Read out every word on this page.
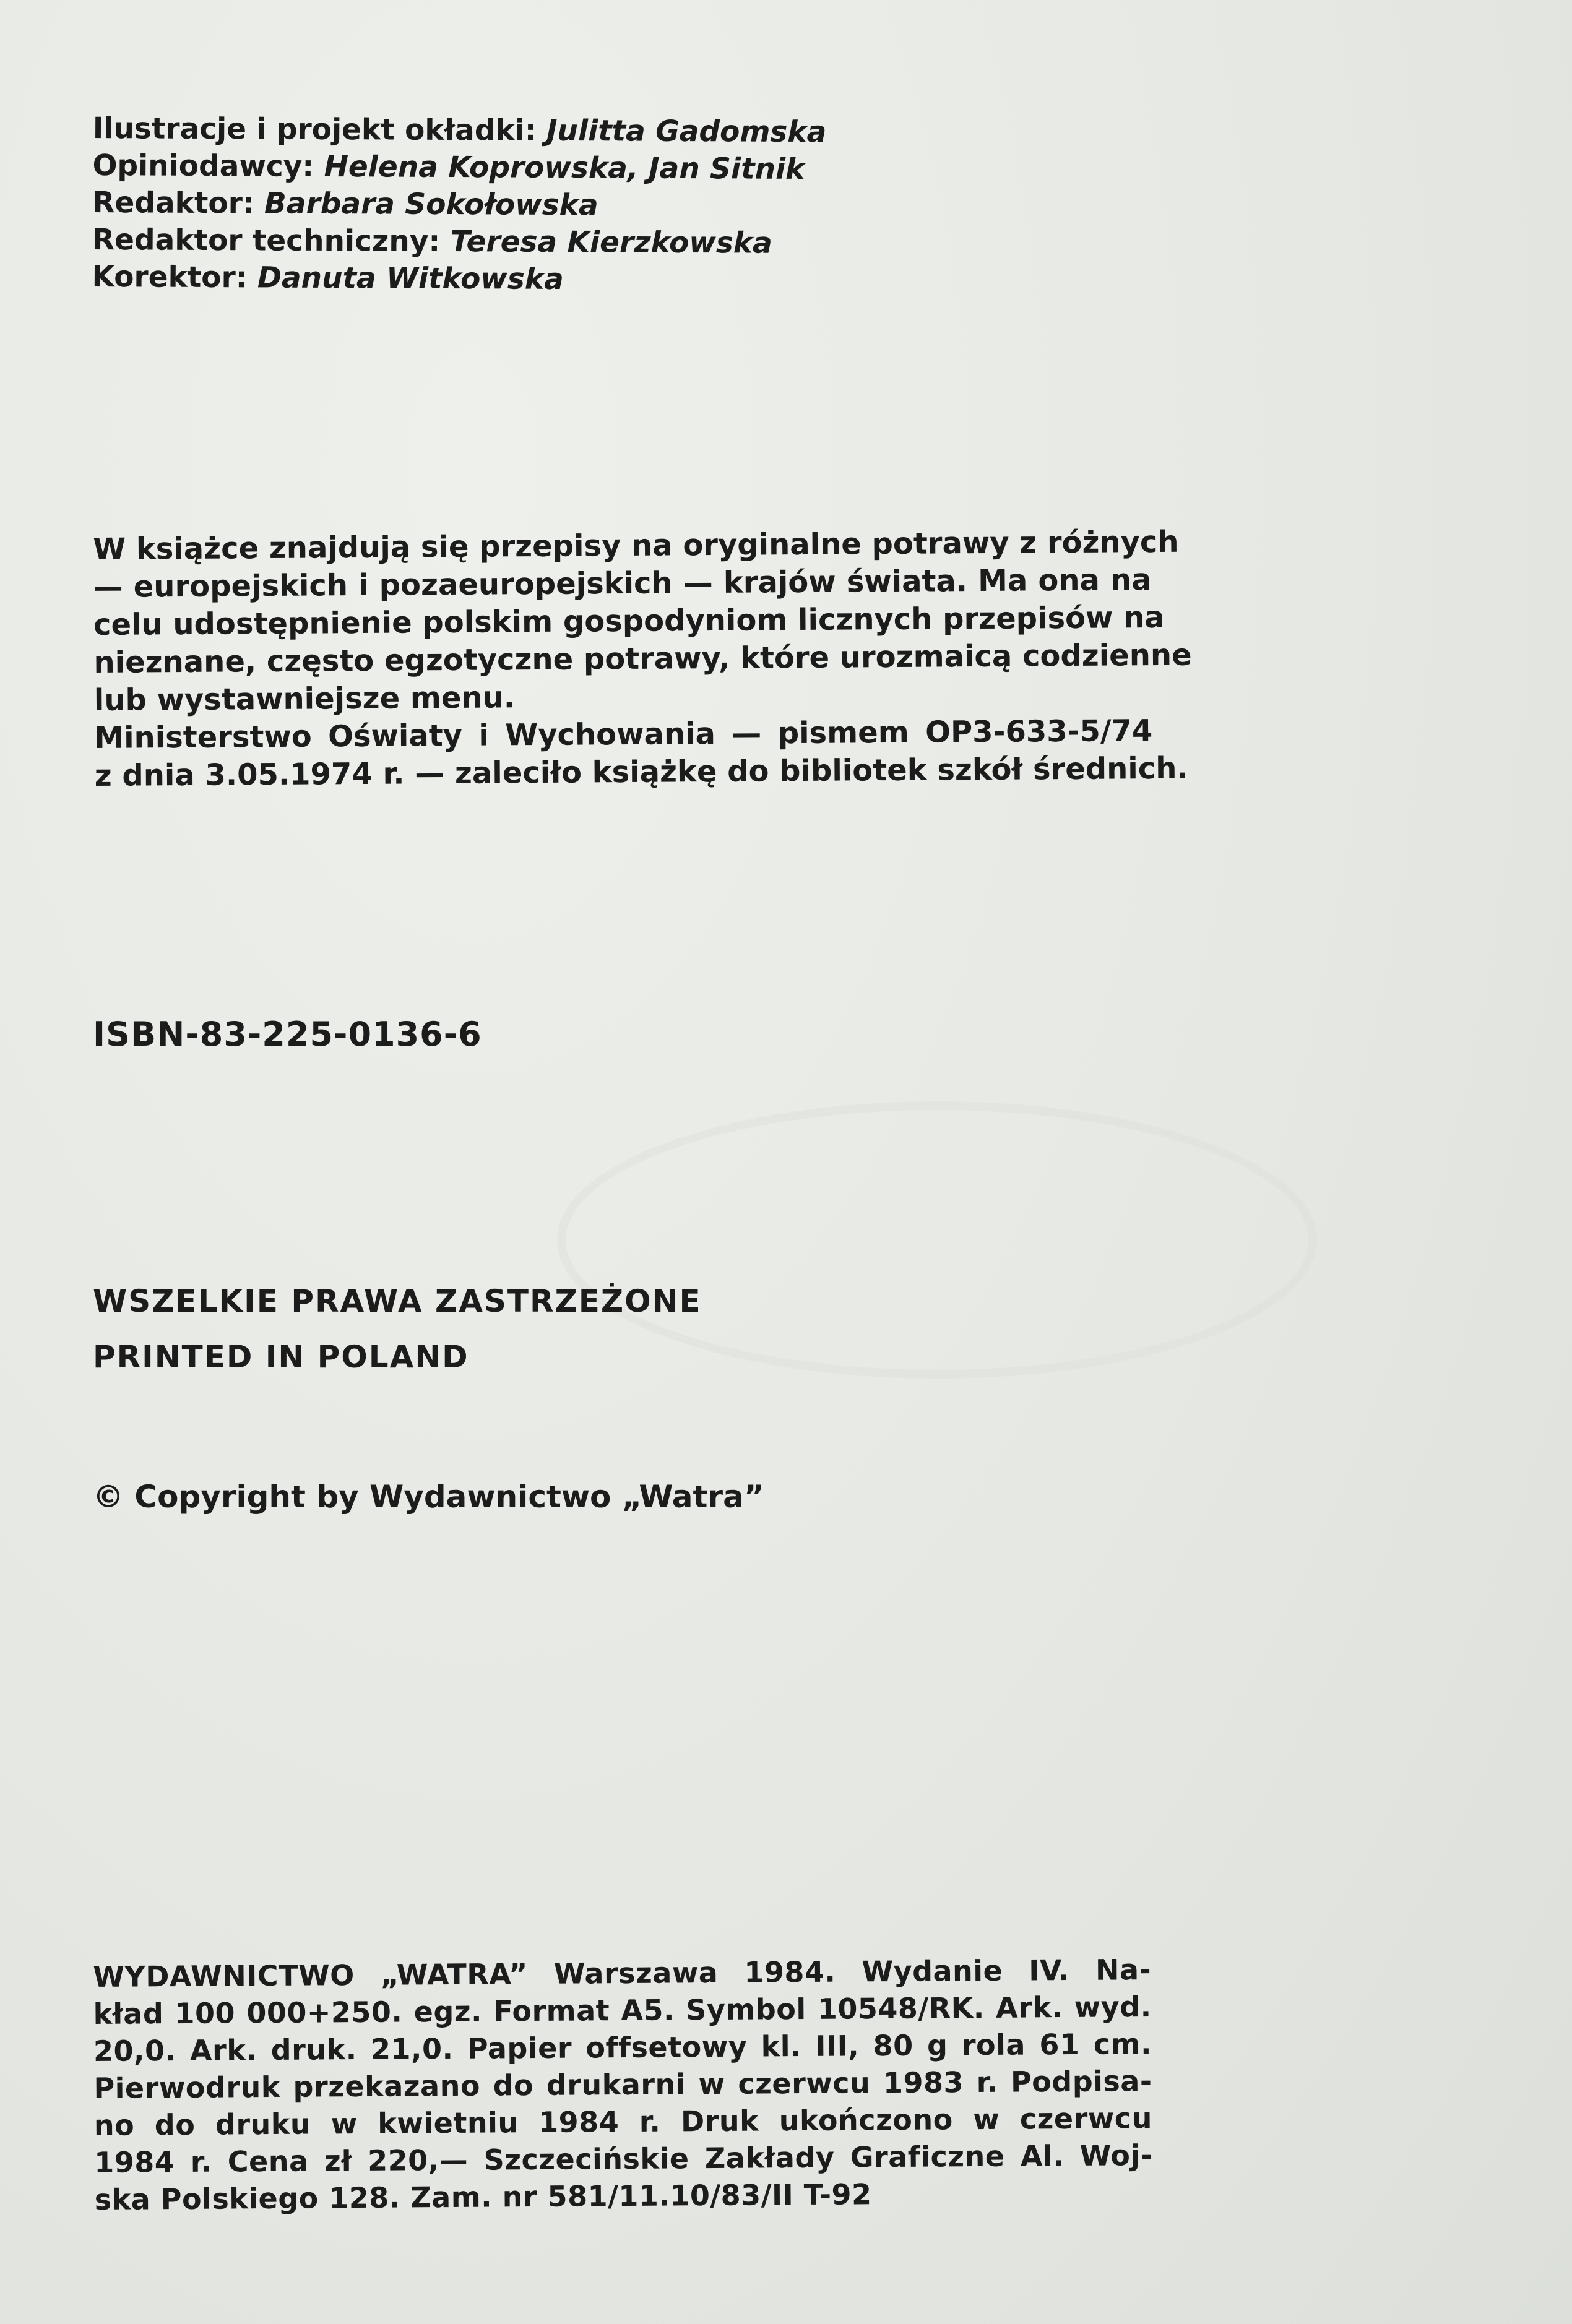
Ilustracje i projekt okładki: Julitta Gadomska
Opiniodawcy: Helena Koprowska, Jan Sitnik
Redaktor: Barbara Sokołowska
Redaktor techniczny: Teresa Kierzkowska
Korektor: Danuta Witkowska
W książce znajdują się przepisy na oryginalne potrawy z różnych
— europejskich i pozaeuropejskich — krajów świata. Ma ona na
celu udostępnienie polskim gospodyniom licznych przepisów na
nieznane, często egzotyczne potrawy, które urozmaicą codzienne
lub wystawniejsze menu.
Ministerstwo Oświaty i Wychowania — pismem OP3-633-5/74
z dnia 3.05.1974 r. — zaleciło książkę do bibliotek szkół średnich.
ISBN-83-225-0136-6
WSZELKIE PRAWA ZASTRZEŻONE
PRINTED IN POLAND
© Copyright by Wydawnictwo „Watra”
WYDAWNICTWO „WATRA” Warszawa 1984. Wydanie IV. Na-
kład 100 000+250. egz. Format A5. Symbol 10548/RK. Ark. wyd.
20,0. Ark. druk. 21,0. Papier offsetowy kl. III, 80 g rola 61 cm.
Pierwodruk przekazano do drukarni w czerwcu 1983 r. Podpisa-
no do druku w kwietniu 1984 r. Druk ukończono w czerwcu
1984 r. Cena zł 220,— Szczecińskie Zakłady Graficzne Al. Woj-
ska Polskiego 128. Zam. nr 581/11.10/83/II T-92
